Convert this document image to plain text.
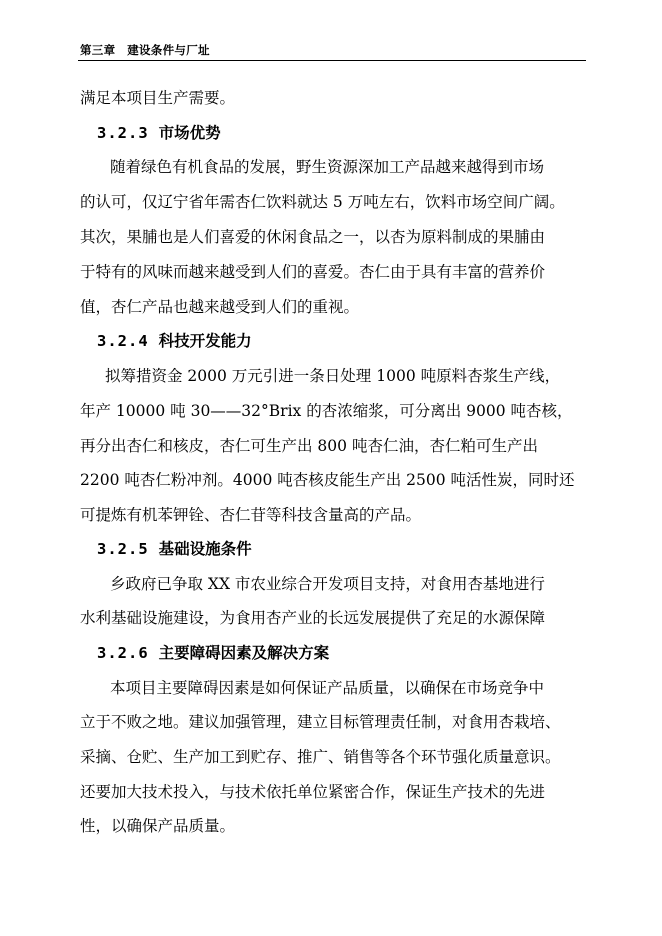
第三章　建设条件与厂址
满足本项目生产需要。
3.2.3 市场优势
随着绿色有机食品的发展，野生资源深加工产品越来越得到市场
的认可，仅辽宁省年需杏仁饮料就达 5 万吨左右，饮料市场空间广阔。
其次，果脯也是人们喜爱的休闲食品之一，以杏为原料制成的果脯由
于特有的风味而越来越受到人们的喜爱。杏仁由于具有丰富的营养价
值，杏仁产品也越来越受到人们的重视。
3.2.4 科技开发能力
拟筹措资金 2000 万元引进一条日处理 1000 吨原料杏浆生产线，
年产 10000 吨 30——32°Brix 的杏浓缩浆，可分离出 9000 吨杏核，
再分出杏仁和核皮，杏仁可生产出 800 吨杏仁油，杏仁粕可生产出
2200 吨杏仁粉冲剂。4000 吨杏核皮能生产出 2500 吨活性炭，同时还
可提炼有机苯钾铨、杏仁苷等科技含量高的产品。
3.2.5 基础设施条件
乡政府已争取 XX 市农业综合开发项目支持，对食用杏基地进行
水利基础设施建设，为食用杏产业的长远发展提供了充足的水源保障
3.2.6 主要障碍因素及解决方案
本项目主要障碍因素是如何保证产品质量，以确保在市场竞争中
立于不败之地。建议加强管理，建立目标管理责任制，对食用杏栽培、
采摘、仓贮、生产加工到贮存、推广、销售等各个环节强化质量意识。
还要加大技术投入，与技术依托单位紧密合作，保证生产技术的先进
性，以确保产品质量。
